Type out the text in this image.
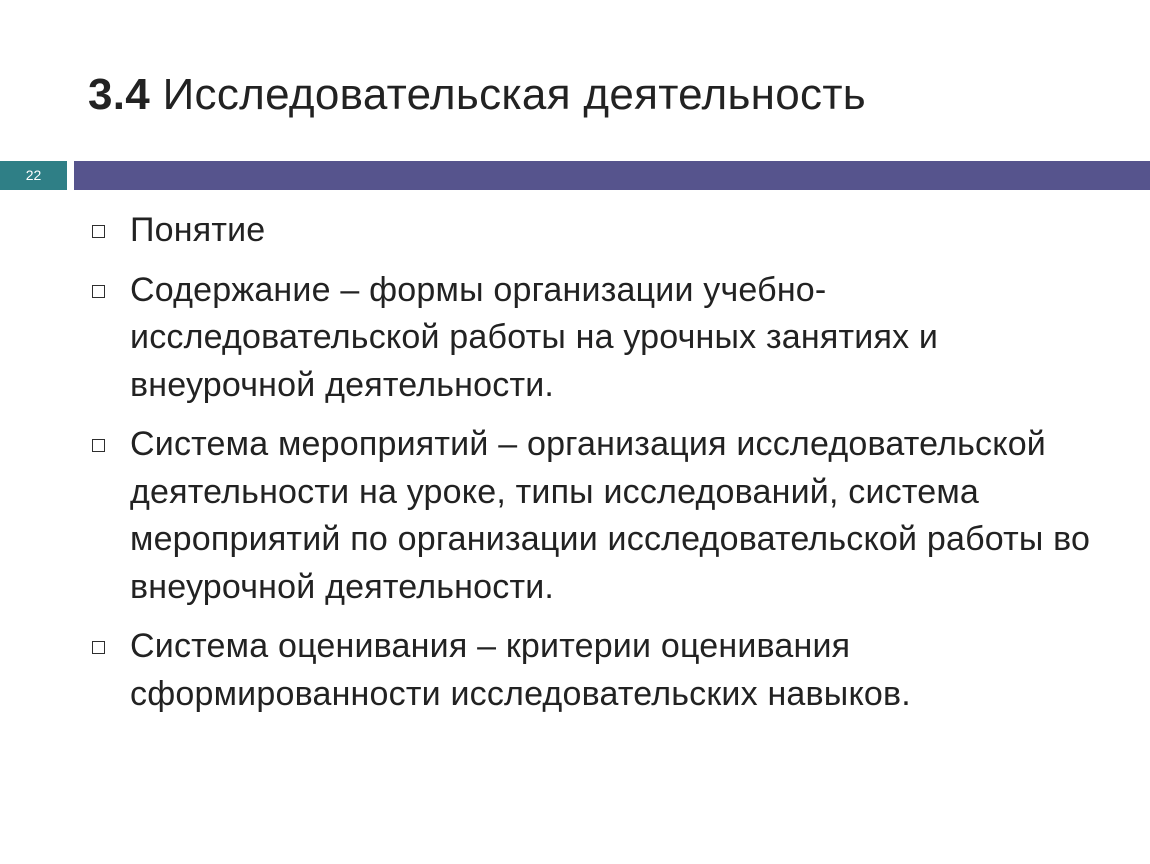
3.4 Исследовательская деятельность
22
Понятие
Содержание – формы организации учебно-исследовательской работы на урочных занятиях и внеурочной деятельности.
Система мероприятий – организация исследовательской деятельности на уроке, типы исследований, система мероприятий по организации исследовательской работы во внеурочной деятельности.
Система оценивания – критерии оценивания сформированности исследовательских навыков.
